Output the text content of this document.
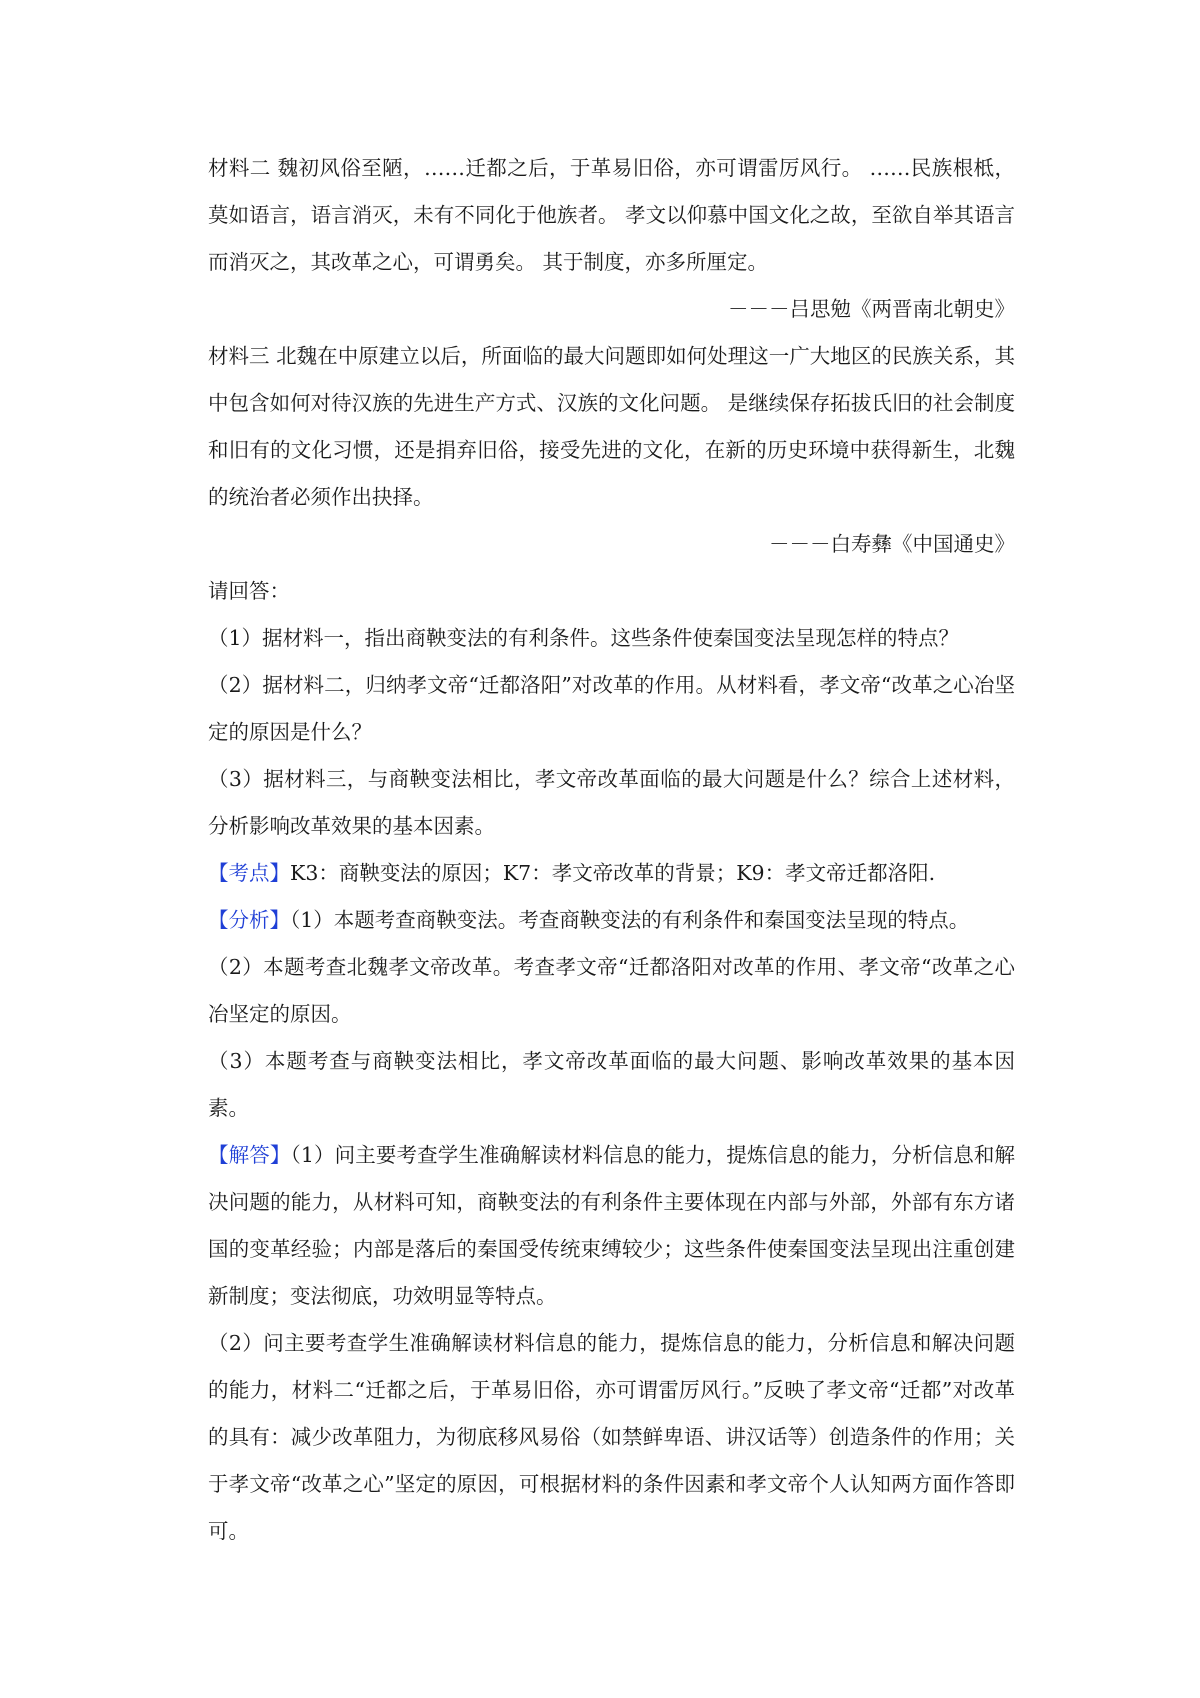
材料二 魏初风俗至陋，……迁都之后，于革易旧俗，亦可谓雷厉风行。 ……民族根柢，莫如语言，语言消灭，未有不同化于他族者。 孝文以仰慕中国文化之故，至欲自举其语言而消灭之，其改革之心，可谓勇矣。 其于制度，亦多所厘定。

－－－吕思勉《两晋南北朝史》

材料三 北魏在中原建立以后，所面临的最大问题即如何处理这一广大地区的民族关系，其中包含如何对待汉族的先进生产方式、汉族的文化问题。 是继续保存拓拔氏旧的社会制度和旧有的文化习惯，还是捐弃旧俗，接受先进的文化，在新的历史环境中获得新生，北魏的统治者必须作出抉择。

－－－白寿彝《中国通史》

请回答：

（1）据材料一，指出商鞅变法的有利条件。这些条件使秦国变法呈现怎样的特点？

（2）据材料二，归纳孝文帝“迁都洛阳”对改革的作用。从材料看，孝文帝“改革之心冶坚定的原因是什么？

（3）据材料三，与商鞅变法相比，孝文帝改革面临的最大问题是什么？综合上述材料，分析影响改革效果的基本因素。

【考点】K3：商鞅变法的原因；K7：孝文帝改革的背景；K9：孝文帝迁都洛阳.

【分析】（1）本题考查商鞅变法。考查商鞅变法的有利条件和秦国变法呈现的特点。

（2）本题考查北魏孝文帝改革。考查孝文帝“迁都洛阳对改革的作用、孝文帝“改革之心冶坚定的原因。

（3）本题考查与商鞅变法相比，孝文帝改革面临的最大问题、影响改革效果的基本因素。

【解答】（1）问主要考查学生准确解读材料信息的能力，提炼信息的能力，分析信息和解决问题的能力，从材料可知，商鞅变法的有利条件主要体现在内部与外部，外部有东方诸国的变革经验；内部是落后的秦国受传统束缚较少；这些条件使秦国变法呈现出注重创建新制度；变法彻底，功效明显等特点。

（2）问主要考查学生准确解读材料信息的能力，提炼信息的能力，分析信息和解决问题的能力，材料二“迁都之后，于革易旧俗，亦可谓雷厉风行。”反映了孝文帝“迁都”对改革的具有：减少改革阻力，为彻底移风易俗（如禁鲜卑语、讲汉话等）创造条件的作用；关于孝文帝“改革之心”坚定的原因，可根据材料的条件因素和孝文帝个人认知两方面作答即可。
